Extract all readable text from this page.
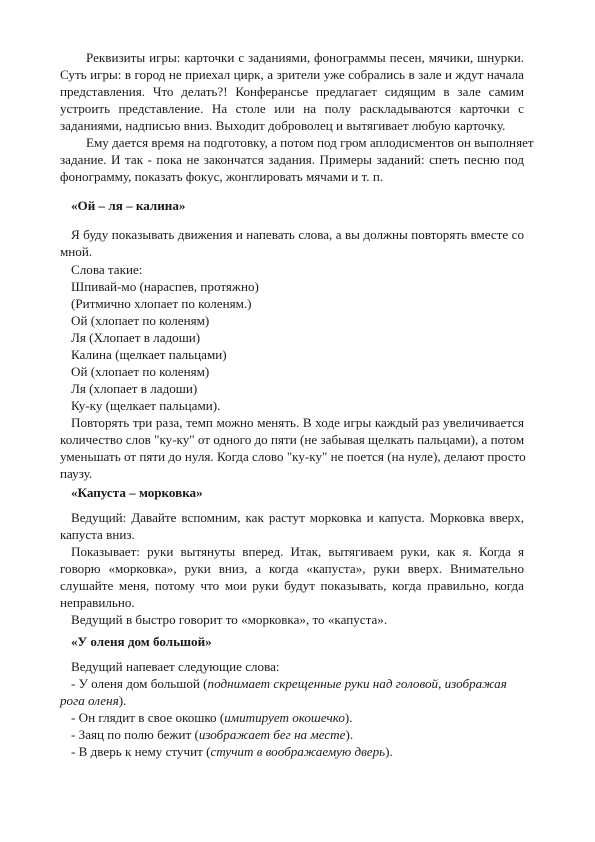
Реквизиты игры: карточки с заданиями, фонограммы песен, мячики, шнурки.
Суть игры: в город не приехал цирк, а зрители уже собрались в зале и ждут начала
представления. Что делать?! Конферансье предлагает сидящим в зале самим
устроить представление. На столе или на полу раскладываются карточки с
заданиями, надписью вниз. Выходит доброволец и вытягивает любую карточку.
Ему дается время на подготовку, а потом под гром аплодисментов он выполняет
задание. И так - пока не закончатся задания. Примеры заданий: спеть песню под
фонограмму, показать фокус, жонглировать мячами и т. п.
«Ой – ля – калина»
Я буду показывать движения и напевать слова, а вы должны повторять вместе со
мной.
Слова такие:
Шпивай-мо (нараспев, протяжно)
(Ритмично хлопает по коленям.)
Ой (хлопает по коленям)
Ля (Хлопает в ладоши)
Калина (щелкает пальцами)
Ой (хлопает по коленям)
Ля (хлопает в ладоши)
Ку-ку (щелкает пальцами).
Повторять три раза, темп можно менять. В ходе игры каждый раз увеличивается
количество слов "ку-ку" от одного до пяти (не забывая щелкать пальцами), а потом
уменьшать от пяти до нуля. Когда слово "ку-ку" не поется (на нуле), делают просто
паузу.
«Капуста – морковка»
Ведущий: Давайте вспомним, как растут морковка и капуста. Морковка вверх,
капуста вниз.
Показывает: руки вытянуты вперед. Итак, вытягиваем руки, как я. Когда я
говорю «морковка», руки вниз, а когда «капуста», руки вверх. Внимательно
слушайте меня, потому что мои руки будут показывать, когда правильно, когда
неправильно.
Ведущий в быстро говорит то «морковка», то «капуста».
«У оленя дом большой»
Ведущий напевает следующие слова:
- У оленя дом большой (поднимает скрещенные руки над головой, изображая
рога оленя).
- Он глядит в свое окошко (имитирует окошечко).
- Заяц по полю бежит (изображает бег на месте).
- В дверь к нему стучит (стучит в воображаемую дверь).
